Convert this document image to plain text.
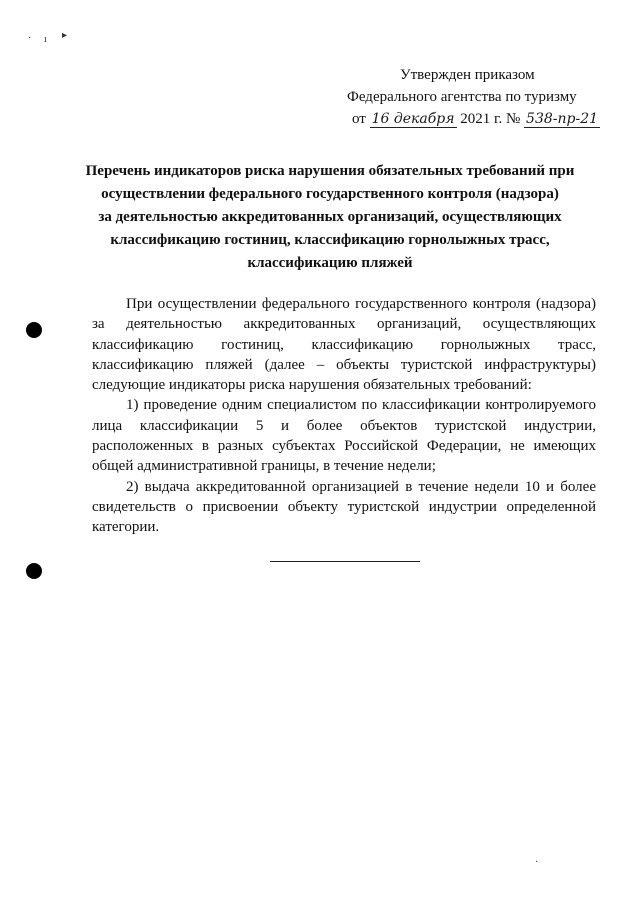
· ı ▸
·
Утвержден приказом
Федерального агентства по туризму
от 16 декабря 2021 г. № 538-пр-21
Перечень индикаторов риска нарушения обязательных требований при
осуществлении федерального государственного контроля (надзора)
за деятельностью аккредитованных организаций, осуществляющих
классификацию гостиниц, классификацию горнолыжных трасс,
классификацию пляжей

При осуществлении федерального государственного контроля (надзора) за деятельностью аккредитованных организаций, осуществляющих классификацию гостиниц, классификацию горнолыжных трасс, классификацию пляжей (далее – объекты туристской инфраструктуры) следующие индикаторы риска нарушения обязательных требований:

1) проведение одним специалистом по классификации контролируемого лица классификации 5 и более объектов туристской индустрии, расположенных в разных субъектах Российской Федерации, не имеющих общей административной границы, в течение недели;

2) выдача аккредитованной организацией в течение недели 10 и более свидетельств о присвоении объекту туристской индустрии определенной категории.
